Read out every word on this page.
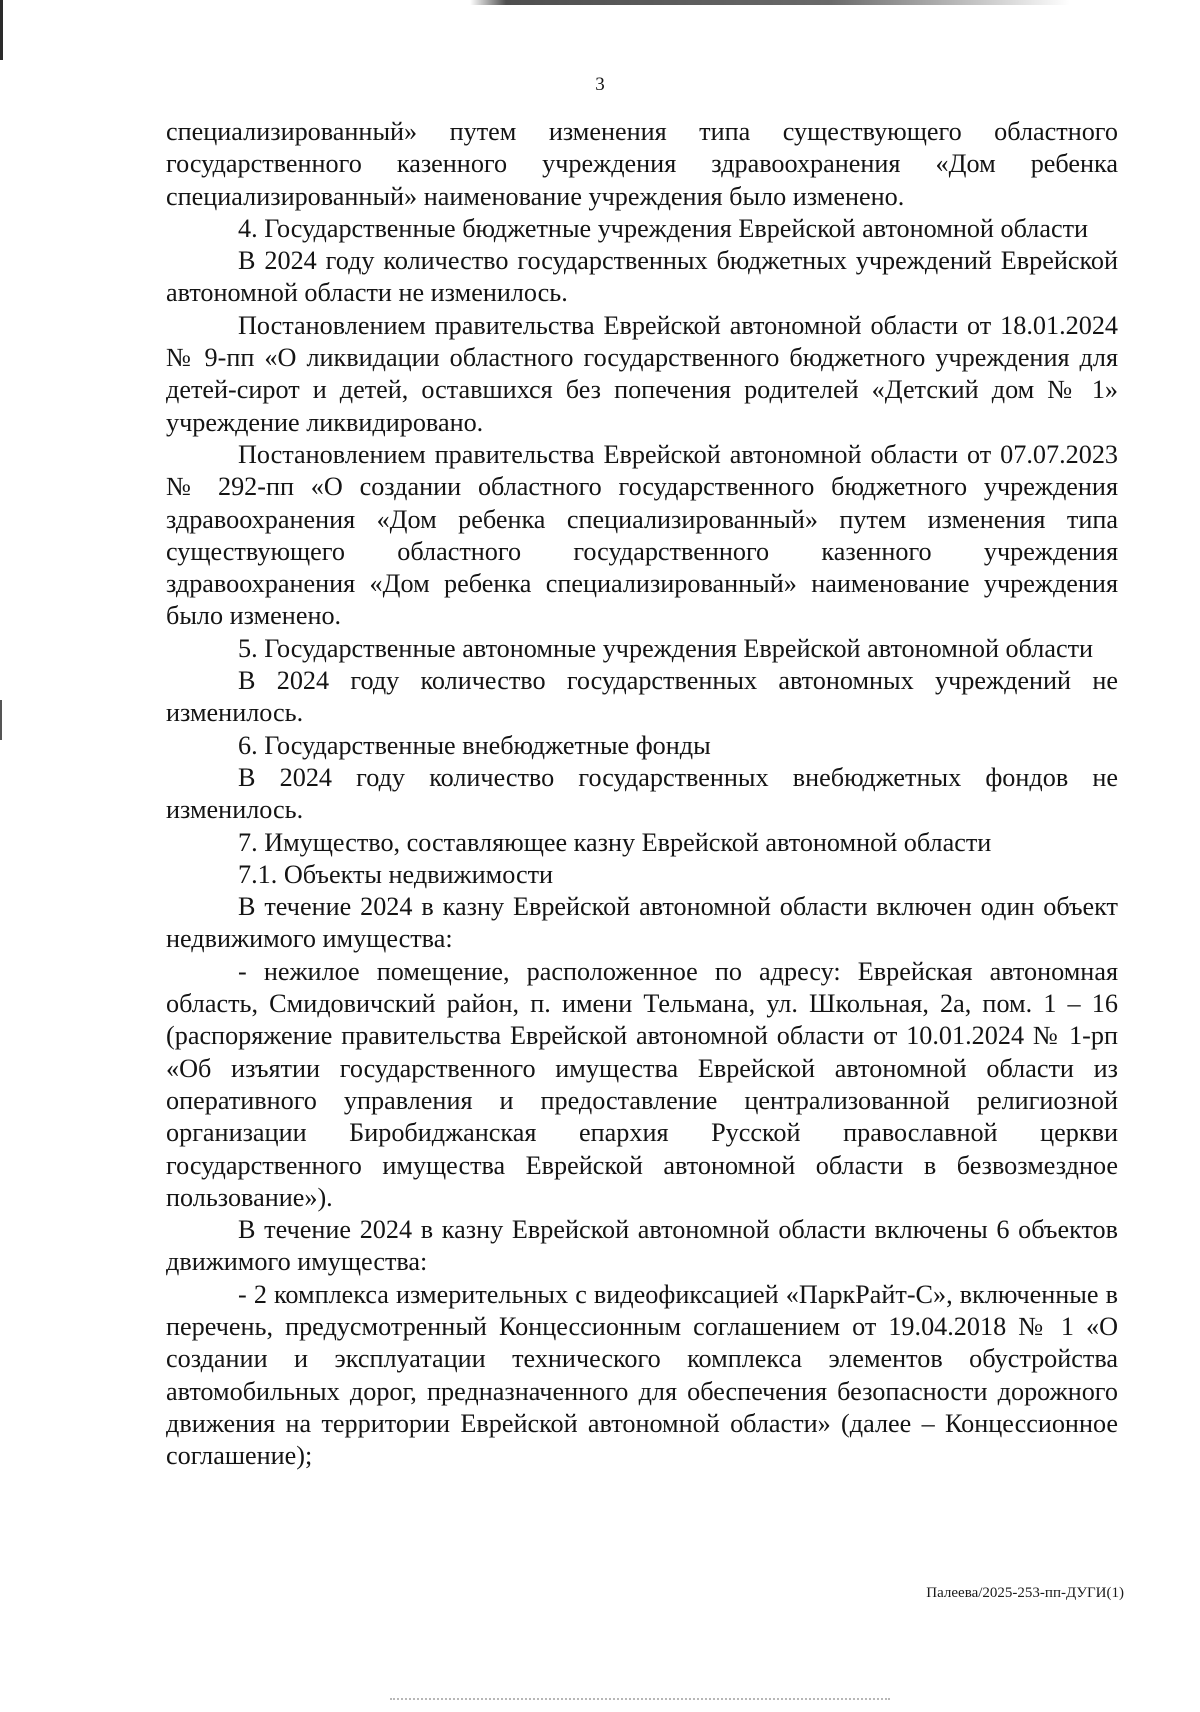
3

специализированный» путем изменения типа существующего областного государственного казенного учреждения здравоохранения «Дом ребенка специализированный» наименование учреждения было изменено.

4. Государственные бюджетные учреждения Еврейской автономной области

В 2024 году количество государственных бюджетных учреждений Еврейской автономной области не изменилось.

Постановлением правительства Еврейской автономной области от 18.01.2024 № 9-пп «О ликвидации областного государственного бюджетного учреждения для детей-сирот и детей, оставшихся без попечения родителей «Детский дом № 1» учреждение ликвидировано.

Постановлением правительства Еврейской автономной области от 07.07.2023 № 292-пп «О создании областного государственного бюджетного учреждения здравоохранения «Дом ребенка специализированный» путем изменения типа существующего областного государственного казенного учреждения здравоохранения «Дом ребенка специализированный» наименование учреждения было изменено.

5. Государственные автономные учреждения Еврейской автономной области

В 2024 году количество государственных автономных учреждений не изменилось.

6. Государственные внебюджетные фонды

В 2024 году количество государственных внебюджетных фондов не изменилось.

7. Имущество, составляющее казну Еврейской автономной области

7.1. Объекты недвижимости

В течение 2024 в казну Еврейской автономной области включен один объект недвижимого имущества:

- нежилое помещение, расположенное по адресу: Еврейская автономная область, Смидовичский район, п. имени Тельмана, ул. Школьная, 2а, пом. 1 – 16 (распоряжение правительства Еврейской автономной области от 10.01.2024 № 1-рп «Об изъятии государственного имущества Еврейской автономной области из оперативного управления и предоставление централизованной религиозной организации Биробиджанская епархия Русской православной церкви государственного имущества Еврейской автономной области в безвозмездное пользование»).

В течение 2024 в казну Еврейской автономной области включены 6 объектов движимого имущества:

- 2 комплекса измерительных с видеофиксацией «ПаркРайт-С», включенные в перечень, предусмотренный Концессионным соглашением от 19.04.2018 № 1 «О создании и эксплуатации технического комплекса элементов обустройства автомобильных дорог, предназначенного для обеспечения безопасности дорожного движения на территории Еврейской автономной области» (далее – Концессионное соглашение);

Палеева/2025-253-пп-ДУГИ(1)
